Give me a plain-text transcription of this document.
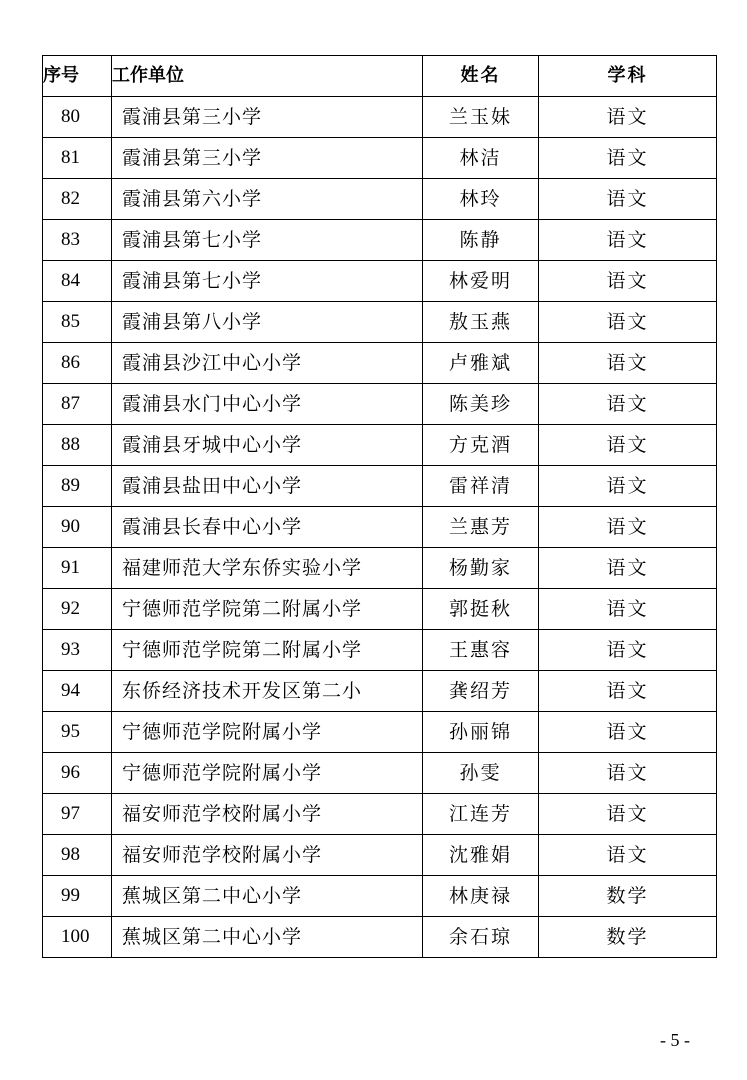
序号	工作单位	姓名	学科
80	霞浦县第三小学	兰玉妹	语文
81	霞浦县第三小学	林洁	语文
82	霞浦县第六小学	林玲	语文
83	霞浦县第七小学	陈静	语文
84	霞浦县第七小学	林爱明	语文
85	霞浦县第八小学	敖玉燕	语文
86	霞浦县沙江中心小学	卢雅斌	语文
87	霞浦县水门中心小学	陈美珍	语文
88	霞浦县牙城中心小学	方克酒	语文
89	霞浦县盐田中心小学	雷祥清	语文
90	霞浦县长春中心小学	兰惠芳	语文
91	福建师范大学东侨实验小学	杨勤家	语文
92	宁德师范学院第二附属小学	郭挺秋	语文
93	宁德师范学院第二附属小学	王惠容	语文
94	东侨经济技术开发区第二小	龚绍芳	语文
95	宁德师范学院附属小学	孙丽锦	语文
96	宁德师范学院附属小学	孙雯	语文
97	福安师范学校附属小学	江连芳	语文
98	福安师范学校附属小学	沈雅娟	语文
99	蕉城区第二中心小学	林庚禄	数学
100	蕉城区第二中心小学	余石琼	数学
- 5 -
